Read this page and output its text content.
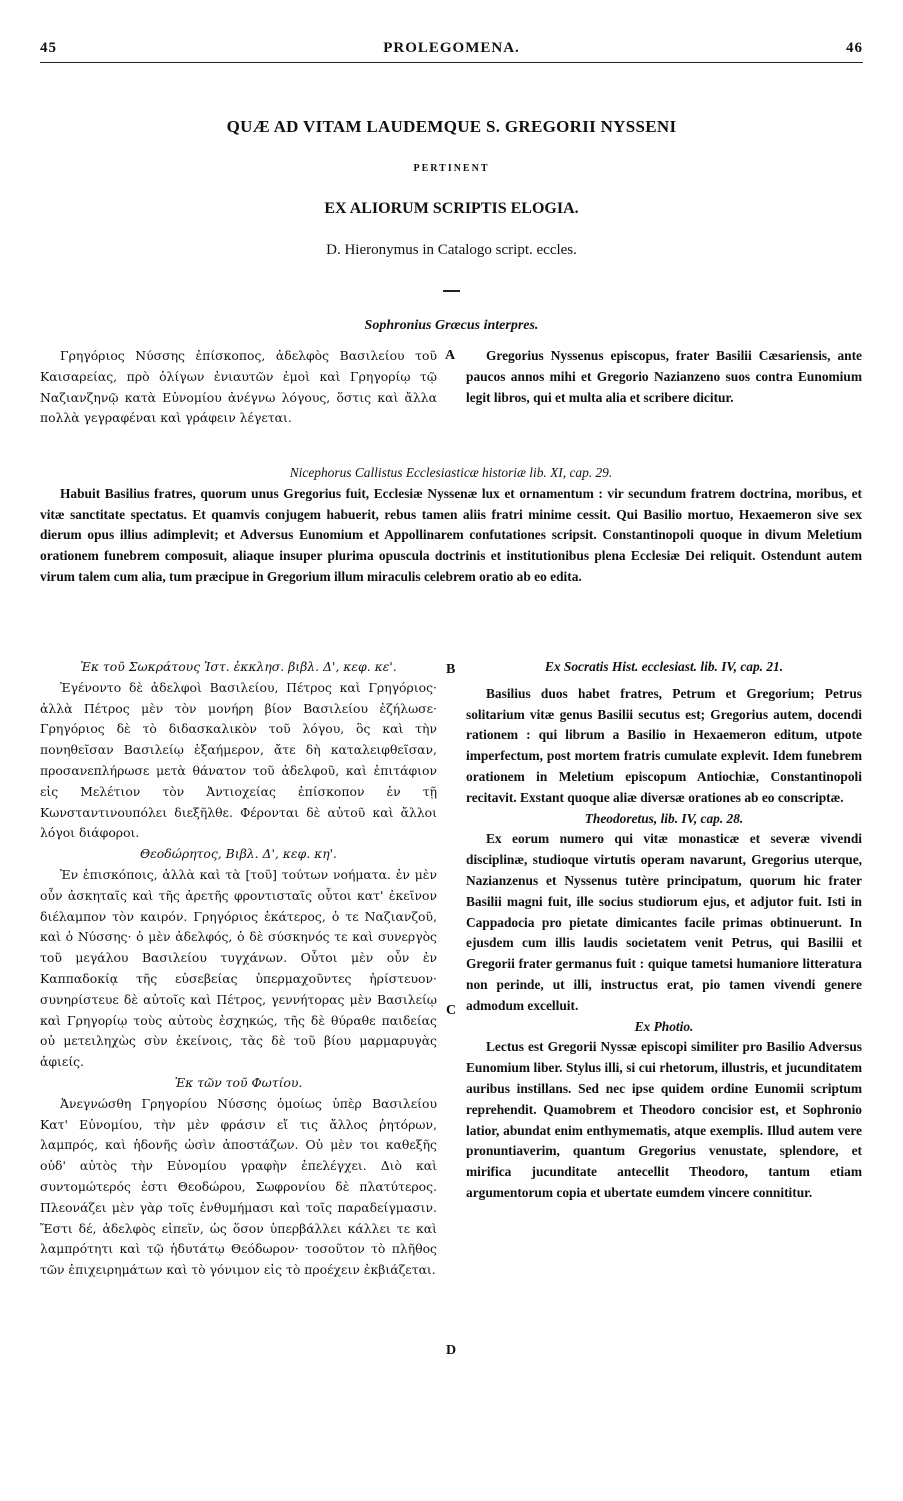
45	PROLEGOMENA.	46
QUÆ AD VITAM LAUDEMQUE S. GREGORII NYSSENI
PERTINENT
EX ALIORUM SCRIPTIS ELOGIA.
D. Hieronymus in Catalogo script. eccles.
Sophronius Græcus interpres.

Γρηγόριος Νύσσης ἐπίσκοπος, ἀδελφὸς Βασιλείου τοῦ Καισαρείας, πρὸ ὀλίγων ἐνιαυτῶν ἐμοὶ καὶ Γρηγορίῳ τῷ Ναζιανζηνῷ κατὰ Εὐνομίου ἀνέγνω λόγους, ὅστις καὶ ἄλλα πολλὰ γεγραφέναι καὶ γράφειν λέγεται.

A	Gregorius Nyssenus episcopus, frater Basilii Cæsariensis, ante paucos annos mihi et Gregorio Nazianzeno suos contra Eunomium legit libros, qui et multa alia et scribere dicitur.

Nicephorus Callistus Ecclesiasticæ historiæ lib. XI, cap. 29.

Habuit Basilius fratres, quorum unus Gregorius fuit, Ecclesiæ Nyssenæ lux et ornamentum : vir secundum fratrem doctrina, moribus, et vitæ sanctitate spectatus. Et quamvis conjugem habuerit, rebus tamen aliis fratri minime cessit. Qui Basilio mortuo, Hexaemeron sive sex dierum opus illius adimplevit; et Adversus Eunomium et Appollinarem confutationes scripsit. Constantinopoli quoque in divum Meletium orationem funebrem composuit, aliaque insuper plurima opuscula doctrinis et institutionibus plena Ecclesiæ Dei reliquit. Ostendunt autem virum talem cum alia, tum præcipue in Gregorium illum miraculis celebrem oratio ab eo edita.

Ἐκ τοῦ Σωκράτους Ἱστ. ἐκκλησ. βιβλ. Δ', κεφ. κε'.

Ἐγένοντο δὲ ἀδελφοὶ Βασιλείου, Πέτρος καὶ Γρηγόριος· ἀλλὰ Πέτρος μὲν τὸν μονήρη βίον Βασιλείου ἐζήλωσε· Γρηγόριος δὲ τὸ διδασκαλικὸν τοῦ λόγου, ὃς καὶ τὴν πονηθεῖσαν Βασιλείῳ ἑξαήμερον, ἄτε δὴ καταλειφθεῖσαν, προσανεπλήρωσε μετὰ θάνατον τοῦ ἀδελφοῦ, καὶ ἐπιτάφιον εἰς Μελέτιον τὸν Ἀντιοχείας ἐπίσκοπον ἐν τῇ Κωνσταντινουπόλει διεξῆλθε. Φέρονται δὲ αὐτοῦ καὶ ἄλλοι λόγοι διάφοροι.

Θεοδώρητος, Βιβλ. Δ', κεφ. κη'.

Ἐν ἐπισκόποις, ἀλλὰ καὶ τὰ [τοῦ] τούτων νοήματα. ἐν μὲν οὖν ἀσκηταῖς καὶ τῆς ἀρετῆς φροντισταῖς οὗτοι κατ' ἐκεῖνον διέλαμπον τὸν καιρόν. Γρηγόριος ἑκάτερος, ὁ τε Ναζιανζοῦ, καὶ ὁ Νύσσης· ὁ μὲν ἀδελφός, ὁ δὲ σύσκηνός τε καὶ συνεργὸς τοῦ μεγάλου Βασιλείου τυγχάνων. Οὗτοι μὲν οὖν ἐν Καππαδοκίᾳ τῆς εὐσεβείας ὑπερμαχοῦντες ἠρίστευον· συνηρίστευε δὲ αὐτοῖς καὶ Πέτρος, γεννήτορας μὲν Βασιλείῳ καὶ Γρηγορίῳ τοὺς αὐτοὺς ἐσχηκώς, τῆς δὲ θύραθε παιδείας οὐ μετειληχὼς σὺν ἐκείνοις, τὰς δὲ τοῦ βίου μαρμαρυγὰς ἀφιείς.

Ἐκ τῶν τοῦ Φωτίου.

Ἀνεγνώσθη Γρηγορίου Νύσσης ὁμοίως ὑπὲρ Βασιλείου Κατ' Εὐνομίου, τὴν μὲν φράσιν εἴ τις ἄλλος ῥητόρων, λαμπρός, καὶ ἡδονῆς ὠσὶν ἀποστάζων. Οὐ μὲν τοι καθεξῆς οὐδ' αὐτὸς τὴν Εὐνομίου γραφὴν ἐπελέγχει. Διὸ καὶ συντομώτερός ἐστι Θεοδώρου, Σωφρονίου δὲ πλατύτερος. Πλεονάζει μὲν γὰρ τοῖς ἐνθυμήμασι καὶ τοῖς παραδείγμασιν. Ἔστι δέ, ἀδελφὸς εἰπεῖν, ὡς ὅσον ὑπερβάλλει κάλλει τε καὶ λαμπρότητι καὶ τῷ ἡδυτάτῳ Θεόδωρον· τοσοῦτον τὸ πλῆθος τῶν ἐπιχειρημάτων καὶ τὸ γόνιμον εἰς τὸ προέχειν ἐκβιάζεται.

B
C
D

Ex Socratis Hist. ecclesiast. lib. IV, cap. 21.

Basilius duos habet fratres, Petrum et Gregorium; Petrus solitarium vitæ genus Basilii secutus est; Gregorius autem, docendi rationem : qui librum a Basilio in Hexaemeron editum, utpote imperfectum, post mortem fratris cumulate explevit. Idem funebrem orationem in Meletium episcopum Antiochiæ, Constantinopoli recitavit. Exstant quoque aliæ diversæ orationes ab eo conscriptæ.

Theodoretus, lib. IV, cap. 28.

Ex eorum numero qui vitæ monasticæ et severæ vivendi disciplinæ, studioque virtutis operam navarunt, Gregorius uterque, Nazianzenus et Nyssenus tutère principatum, quorum hic frater Basilii magni fuit, ille socius studiorum ejus, et adjutor fuit. Isti in Cappadocia pro pietate dimicantes facile primas obtinuerunt. In ejusdem cum illis laudis societatem venit Petrus, qui Basilii et Gregorii frater germanus fuit : quique tametsi humaniore litteratura non perinde, ut illi, instructus erat, pio tamen vivendi genere admodum excelluit.

Ex Photio.

Lectus est Gregorii Nyssæ episcopi similiter pro Basilio Adversus Eunomium liber. Stylus illi, si cui rhetorum, illustris, et jucunditatem auribus instillans. Sed nec ipse quidem ordine Eunomii scriptum reprehendit. Quamobrem et Theodoro concisior est, et Sophronio latior, abundat enim enthymematis, atque exemplis. Illud autem vere pronuntiaverim, quantum Gregorius venustate, splendore, et mirifica jucunditate antecellit Theodoro, tantum etiam argumentorum copia et ubertate eumdem vincere connititur.
